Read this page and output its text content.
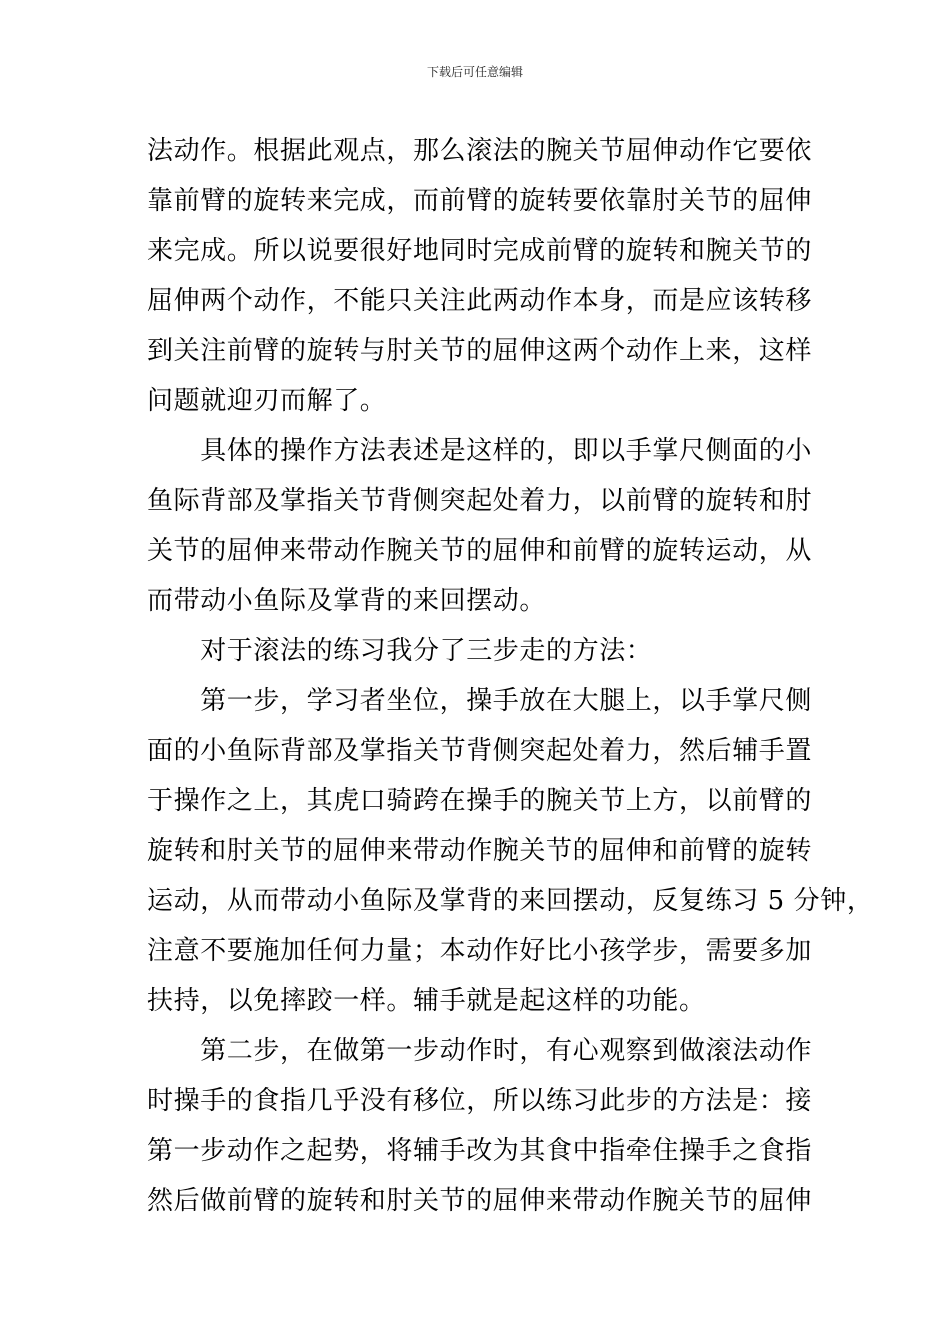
下载后可任意编辑
法动作。根据此观点，那么滚法的腕关节屈伸动作它要依
靠前臂的旋转来完成，而前臂的旋转要依靠肘关节的屈伸
来完成。所以说要很好地同时完成前臂的旋转和腕关节的
屈伸两个动作，不能只关注此两动作本身，而是应该转移
到关注前臂的旋转与肘关节的屈伸这两个动作上来，这样
问题就迎刃而解了。
　　具体的操作方法表述是这样的，即以手掌尺侧面的小
鱼际背部及掌指关节背侧突起处着力，以前臂的旋转和肘
关节的屈伸来带动作腕关节的屈伸和前臂的旋转运动，从
而带动小鱼际及掌背的来回摆动。
　　对于滚法的练习我分了三步走的方法：
　　第一步，学习者坐位，操手放在大腿上，以手掌尺侧
面的小鱼际背部及掌指关节背侧突起处着力，然后辅手置
于操作之上，其虎口骑跨在操手的腕关节上方，以前臂的
旋转和肘关节的屈伸来带动作腕关节的屈伸和前臂的旋转
运动，从而带动小鱼际及掌背的来回摆动，反复练习 5 分钟，
注意不要施加任何力量；本动作好比小孩学步，需要多加
扶持，以免摔跤一样。辅手就是起这样的功能。
　　第二步，在做第一步动作时，有心观察到做滚法动作
时操手的食指几乎没有移位，所以练习此步的方法是：接
第一步动作之起势，将辅手改为其食中指牵住操手之食指
然后做前臂的旋转和肘关节的屈伸来带动作腕关节的屈伸
